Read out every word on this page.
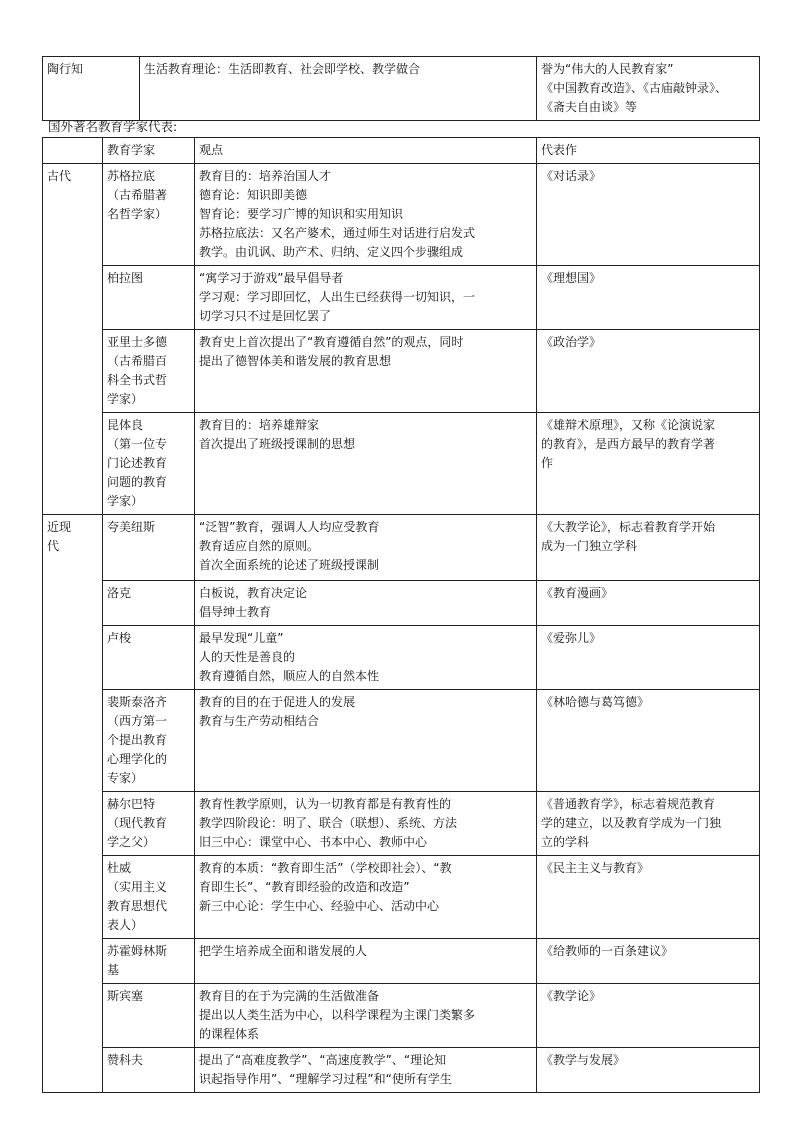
陶行知	生活教育理论：生活即教育、社会即学校、教学做合	誉为“伟大的人民教育家”
《中国教育改造》、《古庙敲钟录》、
《斋夫自由谈》等
国外著名教育学家代表:
	教育学家	观点	代表作
古代	苏格拉底
（古希腊著
名哲学家）	教育目的：培养治国人才
德育论：知识即美德
智育论：要学习广博的知识和实用知识
苏格拉底法：又名产婆术，通过师生对话进行启发式
教学。由讥讽、助产术、归纳、定义四个步骤组成	《对话录》

	柏拉图	“寓学习于游戏”最早倡导者
学习观：学习即回忆，人出生已经获得一切知识，一
切学习只不过是回忆罢了	《理想国》

	亚里士多德
（古希腊百
科全书式哲
学家）	教育史上首次提出了“教育遵循自然”的观点，同时
提出了德智体美和谐发展的教育思想	《政治学》

	昆体良
（第一位专
门论述教育
问题的教育
学家）	教育目的：培养雄辩家
首次提出了班级授课制的思想	《雄辩术原理》，又称《论演说家
的教育》，是西方最早的教育学著
作

近现
代	夸美纽斯	“泛智”教育，强调人人均应受教育
教育适应自然的原则。
首次全面系统的论述了班级授课制	《大教学论》，标志着教育学开始
成为一门独立学科

	洛克	白板说，教育决定论
倡导绅士教育	《教育漫画》

	卢梭	最早发现“儿童”
人的天性是善良的
教育遵循自然，顺应人的自然本性	《爱弥儿》

	裴斯泰洛齐
（西方第一
个提出教育
心理学化的
专家）	教育的目的在于促进人的发展
教育与生产劳动相结合	《林哈德与葛笃德》

	赫尔巴特
（现代教育
学之父）	教育性教学原则，认为一切教育都是有教育性的
教学四阶段论：明了、联合（联想）、系统、方法
旧三中心：课堂中心、书本中心、教师中心	《普通教育学》，标志着规范教育
学的建立，以及教育学成为一门独
立的学科

	杜威
（实用主义
教育思想代
表人）	教育的本质：“教育即生活”（学校即社会）、“教
育即生长”、“教育即经验的改造和改造”
新三中心论：学生中心、经验中心、活动中心	《民主主义与教育》

	苏霍姆林斯
基	把学生培养成全面和谐发展的人	《给教师的一百条建议》

	斯宾塞	教育目的在于为完满的生活做准备
提出以人类生活为中心，以科学课程为主课门类繁多
的课程体系	《教学论》

	赞科夫	提出了“高难度教学”、“高速度教学”、“理论知
识起指导作用”、“理解学习过程”和“使所有学生	《教学与发展》
